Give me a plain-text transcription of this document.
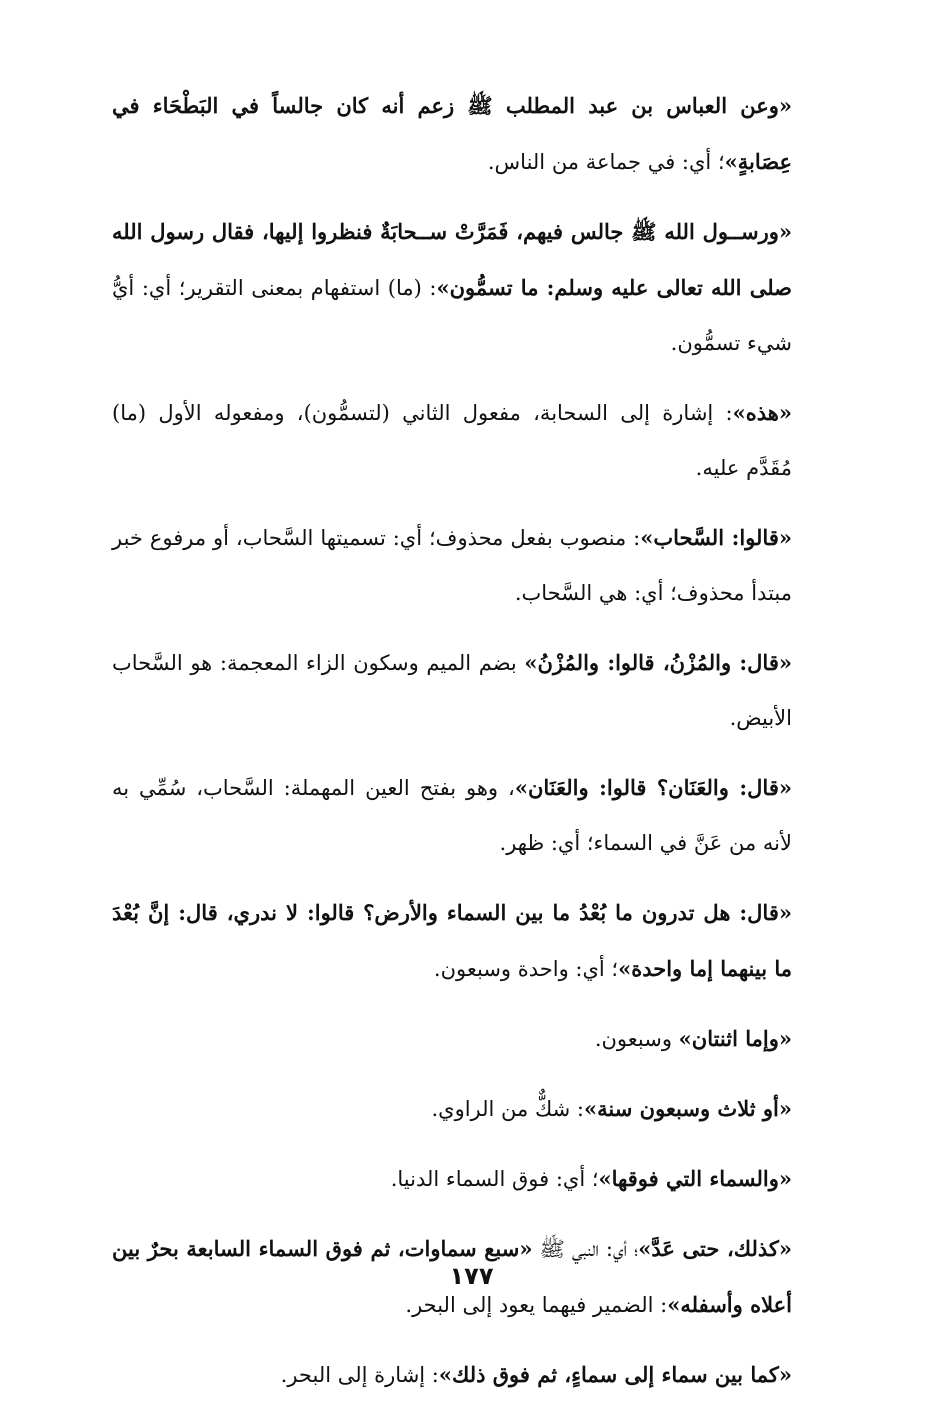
«وعن العباس بن عبد المطلب ﷺ زعم أنه كان جالساً في البَطْحَاء في عِصَابةٍ»؛ أي: في جماعة من الناس.

«ورســول الله ﷺ جالس فيهم، فَمَرَّتْ ســحابَةٌ فنظروا إليها، فقال رسول الله صلى الله تعالى عليه وسلم: ما تسمُّون»: (ما) استفهام بمعنى التقرير؛ أي: أيُّ شيء تسمُّون.

«هذه»: إشارة إلى السحابة، مفعول الثاني (لتسمُّون)، ومفعوله الأول (ما) مُقَدَّم عليه.

«قالوا: السَّحاب»: منصوب بفعل محذوف؛ أي: تسميتها السَّحاب، أو مرفوع خبر مبتدأ محذوف؛ أي: هي السَّحاب.

«قال: والمُزْنُ، قالوا: والمُزْنُ» بضم الميم وسكون الزاء المعجمة: هو السَّحاب الأبيض.

«قال: والعَنَان؟ قالوا: والعَنَان»، وهو بفتح العين المهملة: السَّحاب، سُمِّي به لأنه من عَنَّ في السماء؛ أي: ظهر.

«قال: هل تدرون ما بُعْدُ ما بين السماء والأرض؟ قالوا: لا ندري، قال: إنَّ بُعْدَ ما بينهما إما واحدة»؛ أي: واحدة وسبعون.

«وإما اثنتان» وسبعون.

«أو ثلاث وسبعون سنة»: شكٌّ من الراوي.

«والسماء التي فوقها»؛ أي: فوق السماء الدنيا.

«كذلك، حتى عَدَّ»؛ أي: النبي ﷺ «سبع سماوات، ثم فوق السماء السابعة بحرٌ بين أعلاه وأسفله»: الضمير فيهما يعود إلى البحر.

«كما بين سماء إلى سماءٍ، ثم فوق ذلك»: إشارة إلى البحر.

١٧٧
